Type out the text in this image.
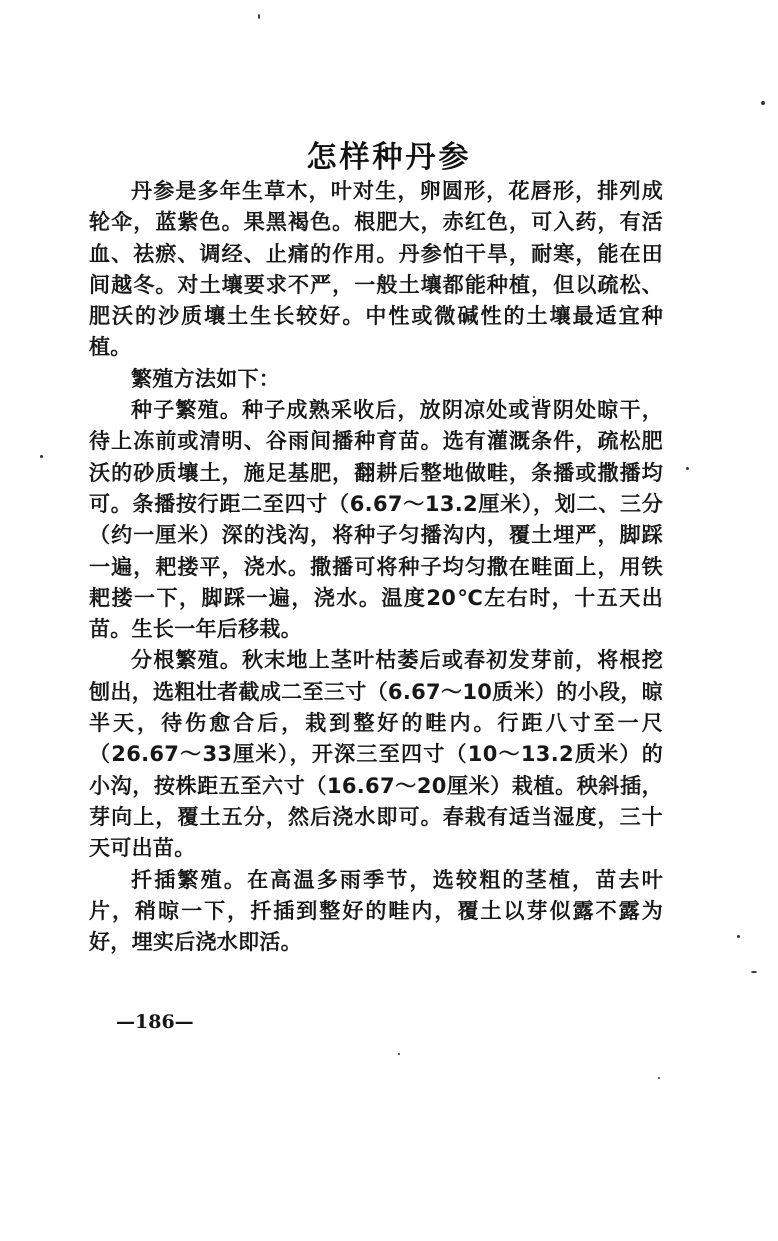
怎样种丹参

丹参是多年生草木，叶对生，卵圆形，花唇形，排列成轮伞，蓝紫色。果黑褐色。根肥大，赤红色，可入药，有活血、祛瘀、调经、止痛的作用。丹参怕干旱，耐寒，能在田间越冬。对土壤要求不严，一般土壤都能种植，但以疏松、肥沃的沙质壤土生长较好。中性或微碱性的土壤最适宜种植。

繁殖方法如下：

种子繁殖。种子成熟采收后，放阴凉处或背阴处晾干，待上冻前或清明、谷雨间播种育苗。选有灌溉条件，疏松肥沃的砂质壤土，施足基肥，翻耕后整地做畦，条播或撒播均可。条播按行距二至四寸（6.67～13.2厘米），划二、三分（约一厘米）深的浅沟，将种子匀播沟内，覆土埋严，脚踩一遍，耙搂平，浇水。撒播可将种子均匀撒在畦面上，用铁耙搂一下，脚踩一遍，浇水。温度20℃左右时，十五天出苗。生长一年后移栽。

分根繁殖。秋末地上茎叶枯萎后或春初发芽前，将根挖刨出，选粗壮者截成二至三寸（6.67～10质米）的小段，晾半天，待伤愈合后，栽到整好的畦内。行距八寸至一尺（26.67～33厘米），开深三至四寸（10～13.2质米）的小沟，按株距五至六寸（16.67～20厘米）栽植。秧斜插，芽向上，覆土五分，然后浇水即可。春栽有适当湿度，三十天可出苗。

扦插繁殖。在高温多雨季节，选较粗的茎植，苗去叶片，稍晾一下，扦插到整好的畦内，覆土以芽似露不露为好，埋实后浇水即活。

—186—
